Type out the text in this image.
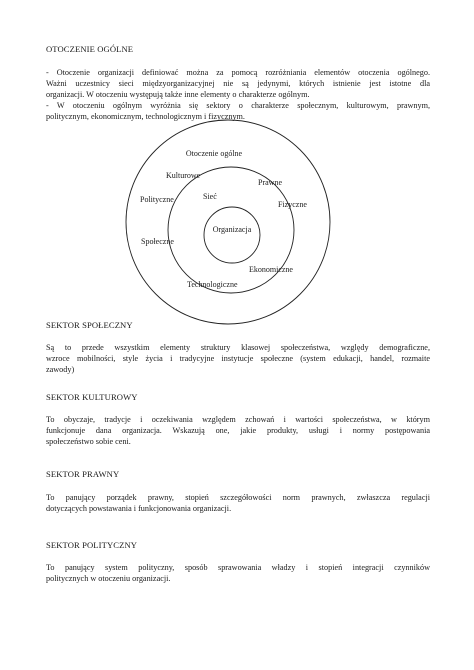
OTOCZENIE OGÓLNE
- Otoczenie organizacji definiować można za pomocą rozróżniania elementów otoczenia ogólnego.
Ważni uczestnicy sieci międzyorganizacyjnej nie są jedynymi, których istnienie jest istotne dla
organizacji. W otoczeniu występują także inne elementy o charakterze ogólnym.
- W otoczeniu ogólnym wyróżnia się sektory o charakterze społecznym, kulturowym, prawnym,
politycznym, ekonomicznym, technologicznym i fizycznym.
Otoczenie ogólne
Kulturowe
Prawne
Polityczne	Sieć
Fizyczne
Organizacja
Społeczne
Ekonomiczne
Technologiczne
SEKTOR SPOŁECZNY
Są to przede wszystkim elementy struktury klasowej społeczeństwa, względy demograficzne,
wzroce mobilności, style życia i tradycyjne instytucje społeczne (system edukacji, handel, rozmaite
zawody)
SEKTOR KULTUROWY
To obyczaje, tradycje i oczekiwania względem zchowań i wartości społeczeństwa, w którym
funkcjonuje dana organizacja. Wskazują one, jakie produkty, usługi i normy postępowania
społeczeństwo sobie ceni.
SEKTOR PRAWNY
To panujący porządek prawny, stopień szczegółowości norm prawnych, zwłaszcza regulacji
dotyczących powstawania i funkcjonowania organizacji.
SEKTOR POLITYCZNY
To panujący system polityczny, sposób sprawowania władzy i stopień integracji czynników
politycznych w otoczeniu organizacji.
